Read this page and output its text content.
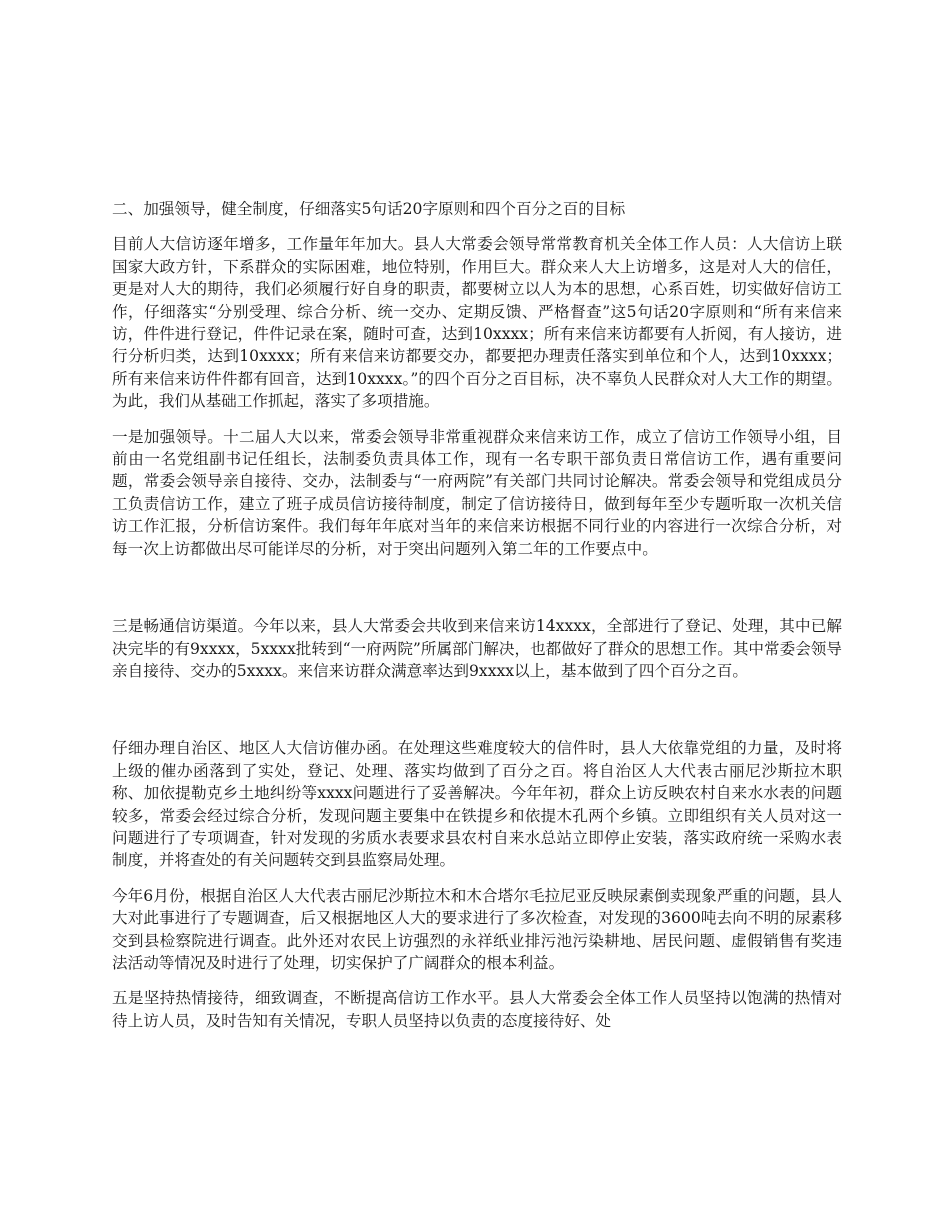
二、加强领导，健全制度，仔细落实5句话20字原则和四个百分之百的目标

目前人大信访逐年增多，工作量年年加大。县人大常委会领导常常教育机关全体工作人员：人大信访上联国家大政方针，下系群众的实际困难，地位特别，作用巨大。群众来人大上访增多，这是对人大的信任，更是对人大的期待，我们必须履行好自身的职责，都要树立以人为本的思想，心系百姓，切实做好信访工作，仔细落实“分别受理、综合分析、统一交办、定期反馈、严格督查”这5句话20字原则和“所有来信来访，件件进行登记，件件记录在案，随时可查，达到10xxxx；所有来信来访都要有人折阅，有人接访，进行分析归类，达到10xxxx；所有来信来访都要交办，都要把办理责任落实到单位和个人，达到10xxxx；所有来信来访件件都有回音，达到10xxxx。”的四个百分之百目标，决不辜负人民群众对人大工作的期望。为此，我们从基础工作抓起，落实了多项措施。

一是加强领导。十二届人大以来，常委会领导非常重视群众来信来访工作，成立了信访工作领导小组，目前由一名党组副书记任组长，法制委负责具体工作，现有一名专职干部负责日常信访工作，遇有重要问题，常委会领导亲自接待、交办，法制委与“一府两院”有关部门共同讨论解决。常委会领导和党组成员分工负责信访工作，建立了班子成员信访接待制度，制定了信访接待日，做到每年至少专题听取一次机关信访工作汇报，分析信访案件。我们每年年底对当年的来信来访根据不同行业的内容进行一次综合分析，对每一次上访都做出尽可能详尽的分析，对于突出问题列入第二年的工作要点中。

三是畅通信访渠道。今年以来，县人大常委会共收到来信来访14xxxx，全部进行了登记、处理，其中已解决完毕的有9xxxx，5xxxx批转到“一府两院”所属部门解决，也都做好了群众的思想工作。其中常委会领导亲自接待、交办的5xxxx。来信来访群众满意率达到9xxxx以上，基本做到了四个百分之百。

仔细办理自治区、地区人大信访催办函。在处理这些难度较大的信件时，县人大依靠党组的力量，及时将上级的催办函落到了实处，登记、处理、落实均做到了百分之百。将自治区人大代表古丽尼沙斯拉木职称、加依提勒克乡土地纠纷等xxxx问题进行了妥善解决。今年年初，群众上访反映农村自来水水表的问题较多，常委会经过综合分析，发现问题主要集中在铁提乡和依提木孔两个乡镇。立即组织有关人员对这一问题进行了专项调查，针对发现的劣质水表要求县农村自来水总站立即停止安装，落实政府统一采购水表制度，并将查处的有关问题转交到县监察局处理。

今年6月份，根据自治区人大代表古丽尼沙斯拉木和木合塔尔毛拉尼亚反映尿素倒卖现象严重的问题，县人大对此事进行了专题调查，后又根据地区人大的要求进行了多次检查，对发现的3600吨去向不明的尿素移交到县检察院进行调查。此外还对农民上访强烈的永祥纸业排污池污染耕地、居民问题、虚假销售有奖违法活动等情况及时进行了处理，切实保护了广阔群众的根本利益。

五是坚持热情接待，细致调查，不断提高信访工作水平。县人大常委会全体工作人员坚持以饱满的热情对待上访人员，及时告知有关情况，专职人员坚持以负责的态度接待好、处
